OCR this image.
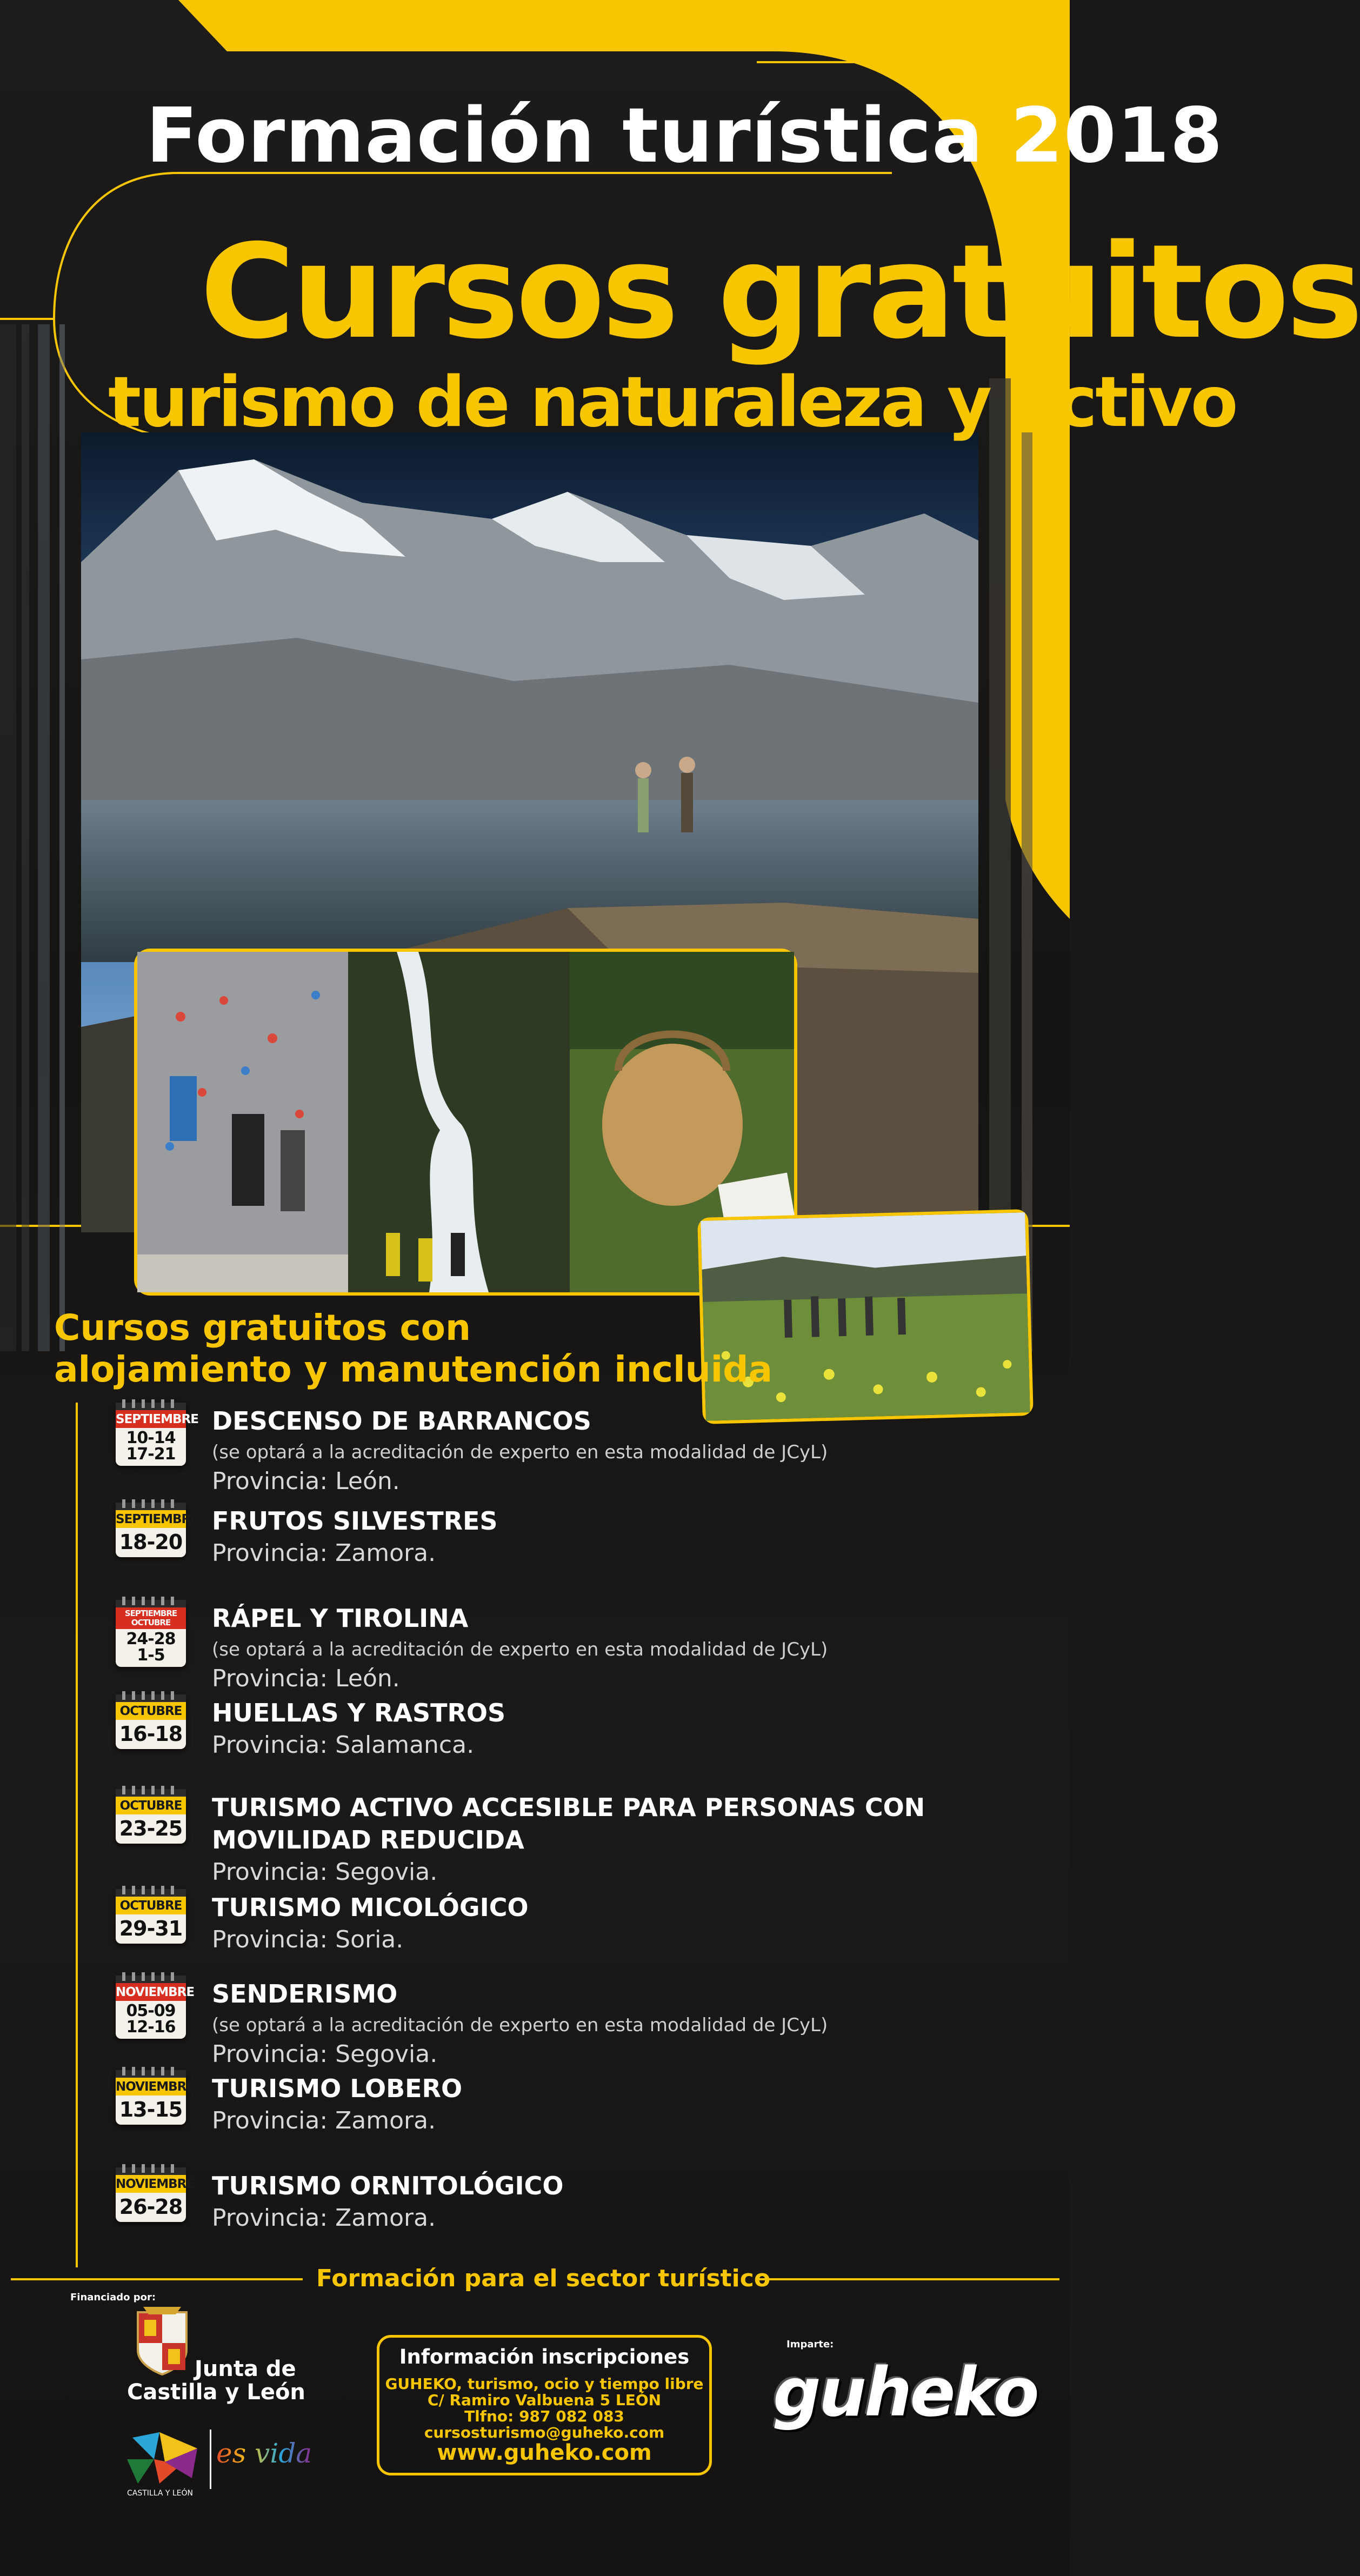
Formación turística 2018
Cursos gratuitos
turismo de naturaleza y activo
Cursos gratuitos con
alojamiento y manutención incluida
SEPTIEMBRE
10-14
17-21
DESCENSO DE BARRANCOS
(se optará a la acreditación de experto en esta modalidad de JCyL)
Provincia: León.
SEPTIEMBRE
18-20
FRUTOS SILVESTRES
Provincia: Zamora.
SEPTIEMBRE OCTUBRE
24-28
1-5
RÁPEL Y TIROLINA
(se optará a la acreditación de experto en esta modalidad de JCyL)
Provincia: León.
OCTUBRE
16-18
HUELLAS Y RASTROS
Provincia: Salamanca.
OCTUBRE
23-25
TURISMO ACTIVO ACCESIBLE PARA PERSONAS CON MOVILIDAD REDUCIDA
Provincia: Segovia.
OCTUBRE
29-31
TURISMO MICOLÓGICO
Provincia: Soria.
NOVIEMBRE
05-09
12-16
SENDERISMO
(se optará a la acreditación de experto en esta modalidad de JCyL)
Provincia: Segovia.
NOVIEMBRE
13-15
TURISMO LOBERO
Provincia: Zamora.
NOVIEMBRE
26-28
TURISMO ORNITOLÓGICO
Provincia: Zamora.
Formación para el sector turístico
Financiado por:
Junta de
Castilla y León
CASTILLA Y LEÓN
es vida
Información inscripciones
GUHEKO, turismo, ocio y tiempo libre
C/ Ramiro Valbuena 5 LEÓN
Tlfno: 987 082 083
cursosturismo@guheko.com
www.guheko.com
Imparte:
guheko
